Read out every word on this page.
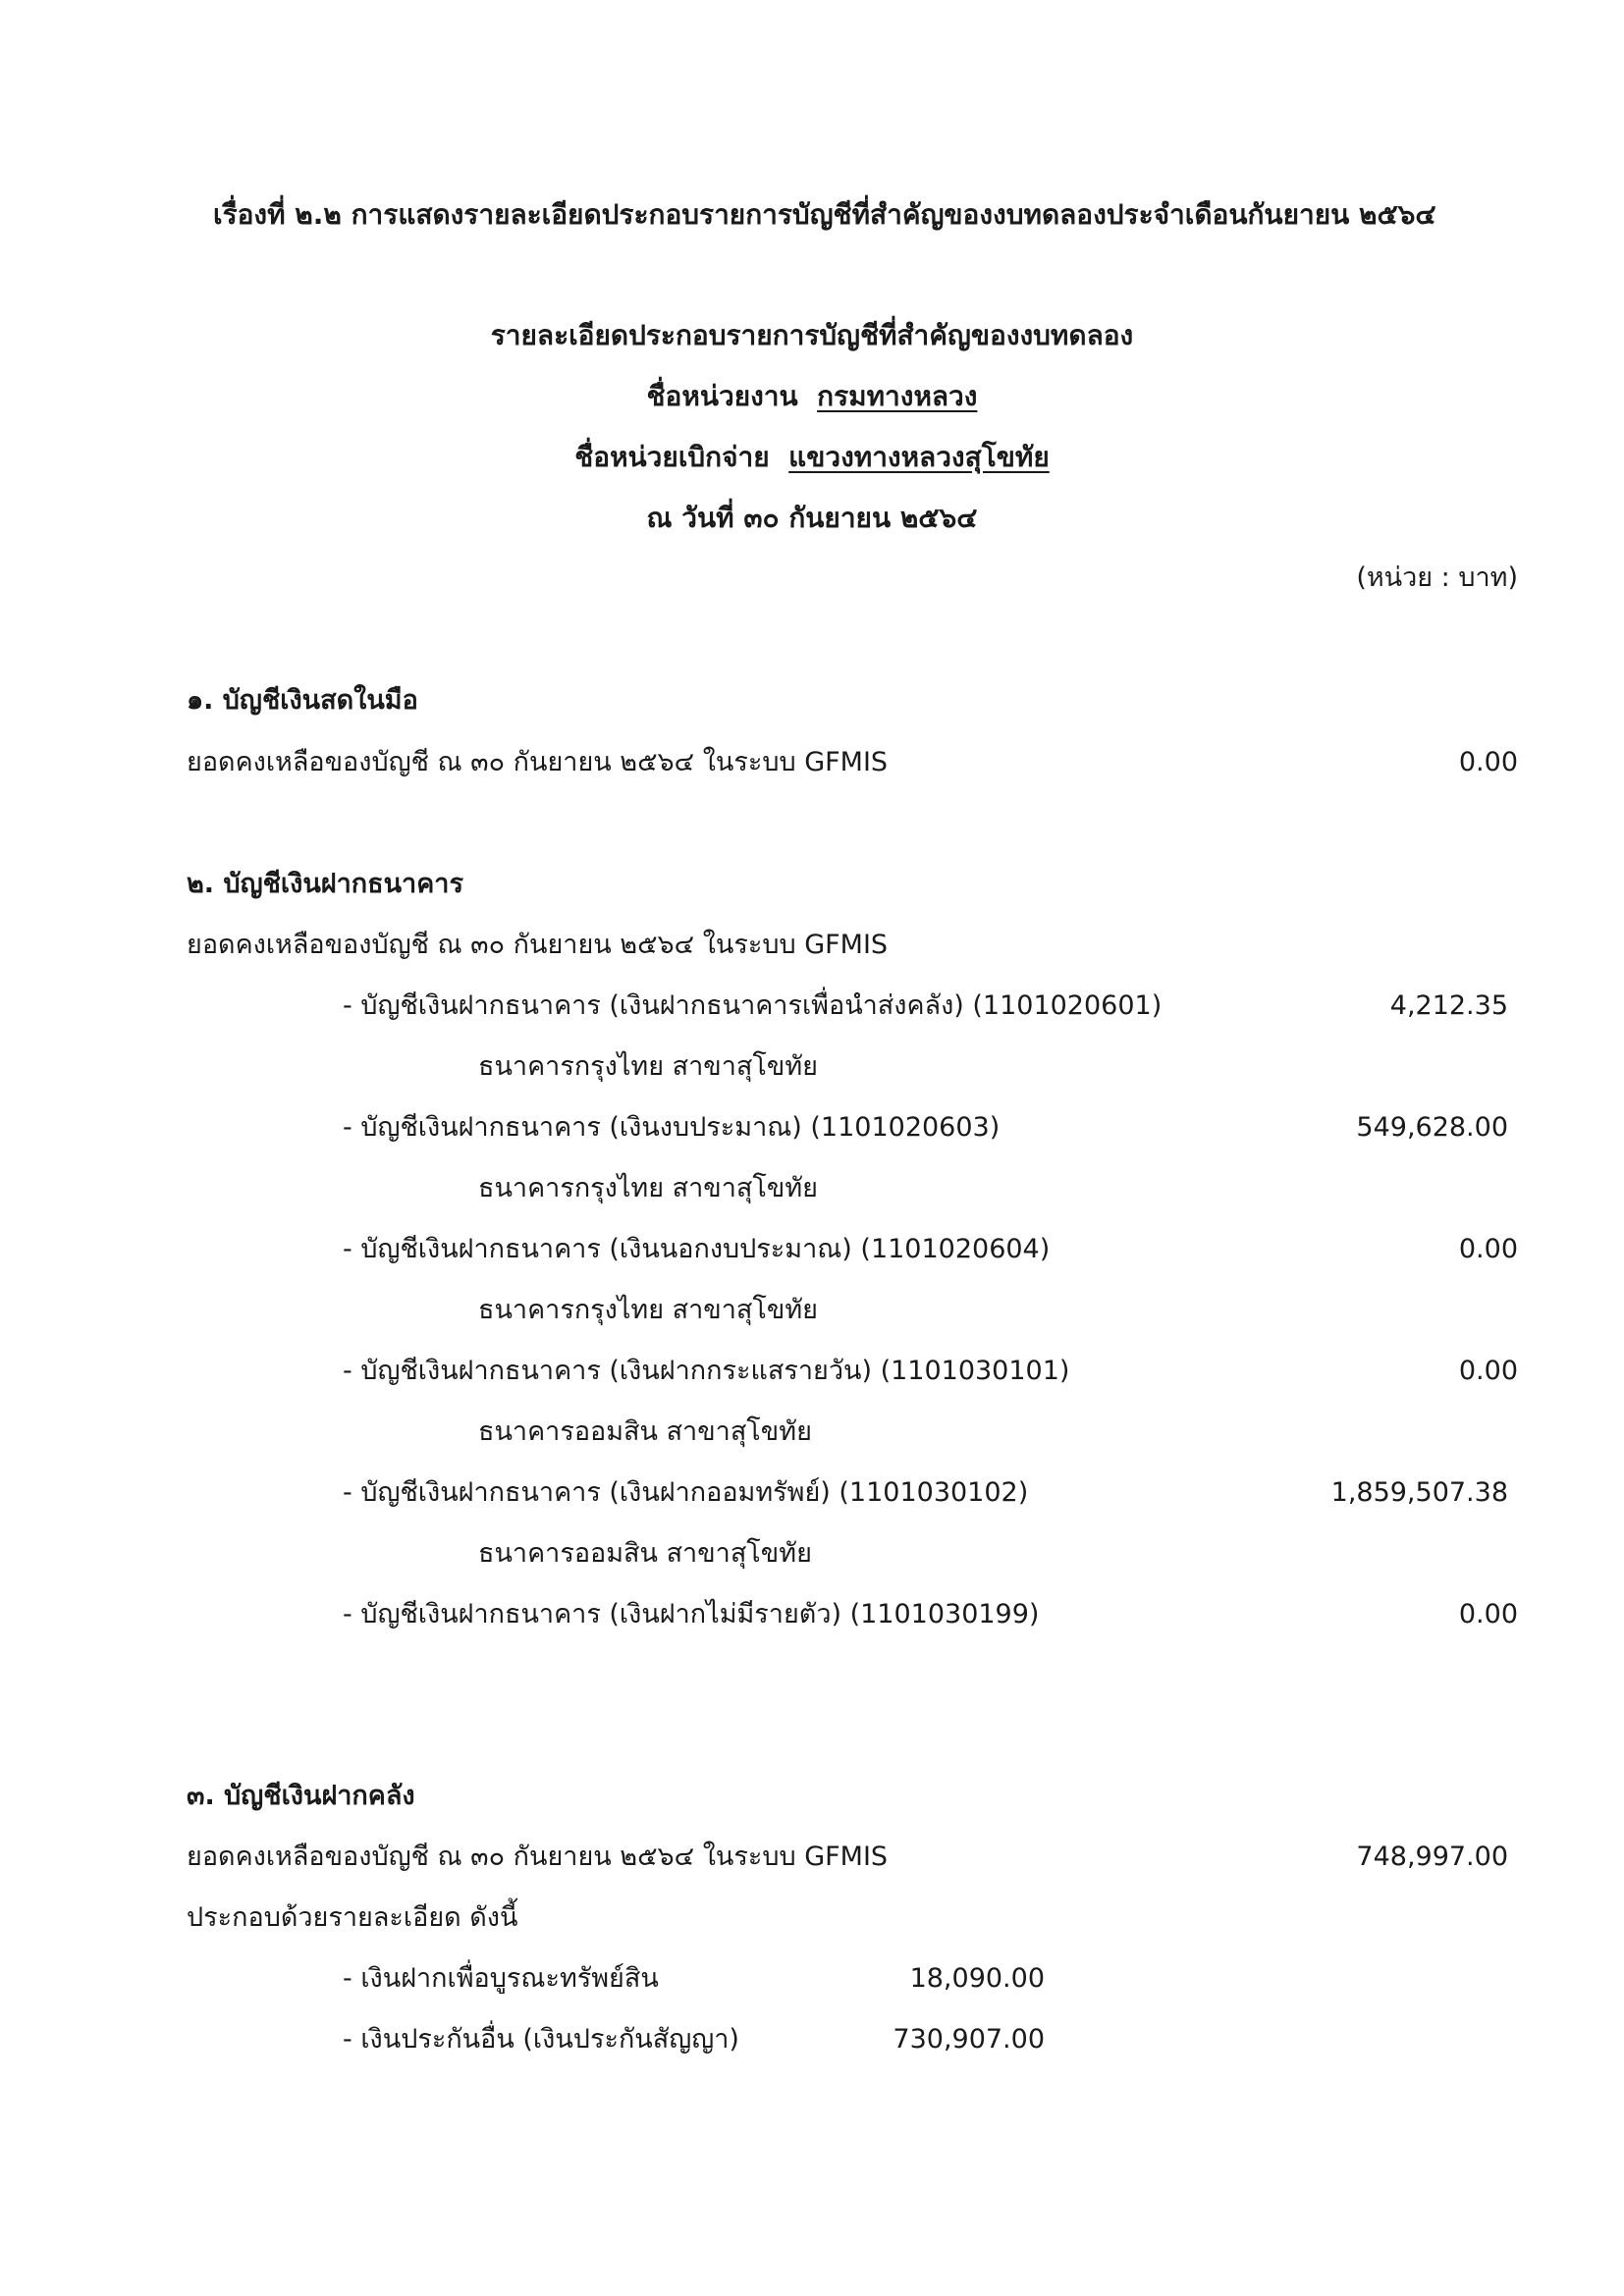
เรื่องที่ ๒.๒ การแสดงรายละเอียดประกอบรายการบัญชีที่สำคัญของงบทดลองประจำเดือนกันยายน ๒๕๖๔
รายละเอียดประกอบรายการบัญชีที่สำคัญของงบทดลอง
ชื่อหน่วยงาน กรมทางหลวง
ชื่อหน่วยเบิกจ่าย แขวงทางหลวงสุโขทัย
ณ วันที่ ๓๐ กันยายน ๒๕๖๔
(หน่วย : บาท)
๑. บัญชีเงินสดในมือ
ยอดคงเหลือของบัญชี ณ ๓๐ กันยายน ๒๕๖๔ ในระบบ GFMIS	0.00
๒. บัญชีเงินฝากธนาคาร
ยอดคงเหลือของบัญชี ณ ๓๐ กันยายน ๒๕๖๔ ในระบบ GFMIS
- บัญชีเงินฝากธนาคาร (เงินฝากธนาคารเพื่อนำส่งคลัง) (1101020601)	4,212.35
ธนาคารกรุงไทย สาขาสุโขทัย
- บัญชีเงินฝากธนาคาร (เงินงบประมาณ) (1101020603)	549,628.00
ธนาคารกรุงไทย สาขาสุโขทัย
- บัญชีเงินฝากธนาคาร (เงินนอกงบประมาณ) (1101020604)	0.00
ธนาคารกรุงไทย สาขาสุโขทัย
- บัญชีเงินฝากธนาคาร (เงินฝากกระแสรายวัน) (1101030101)	0.00
ธนาคารออมสิน สาขาสุโขทัย
- บัญชีเงินฝากธนาคาร (เงินฝากออมทรัพย์) (1101030102)	1,859,507.38
ธนาคารออมสิน สาขาสุโขทัย
- บัญชีเงินฝากธนาคาร (เงินฝากไม่มีรายตัว) (1101030199)	0.00
๓. บัญชีเงินฝากคลัง
ยอดคงเหลือของบัญชี ณ ๓๐ กันยายน ๒๕๖๔ ในระบบ GFMIS	748,997.00
ประกอบด้วยรายละเอียด ดังนี้
- เงินฝากเพื่อบูรณะทรัพย์สิน	18,090.00
- เงินประกันอื่น (เงินประกันสัญญา)	730,907.00
